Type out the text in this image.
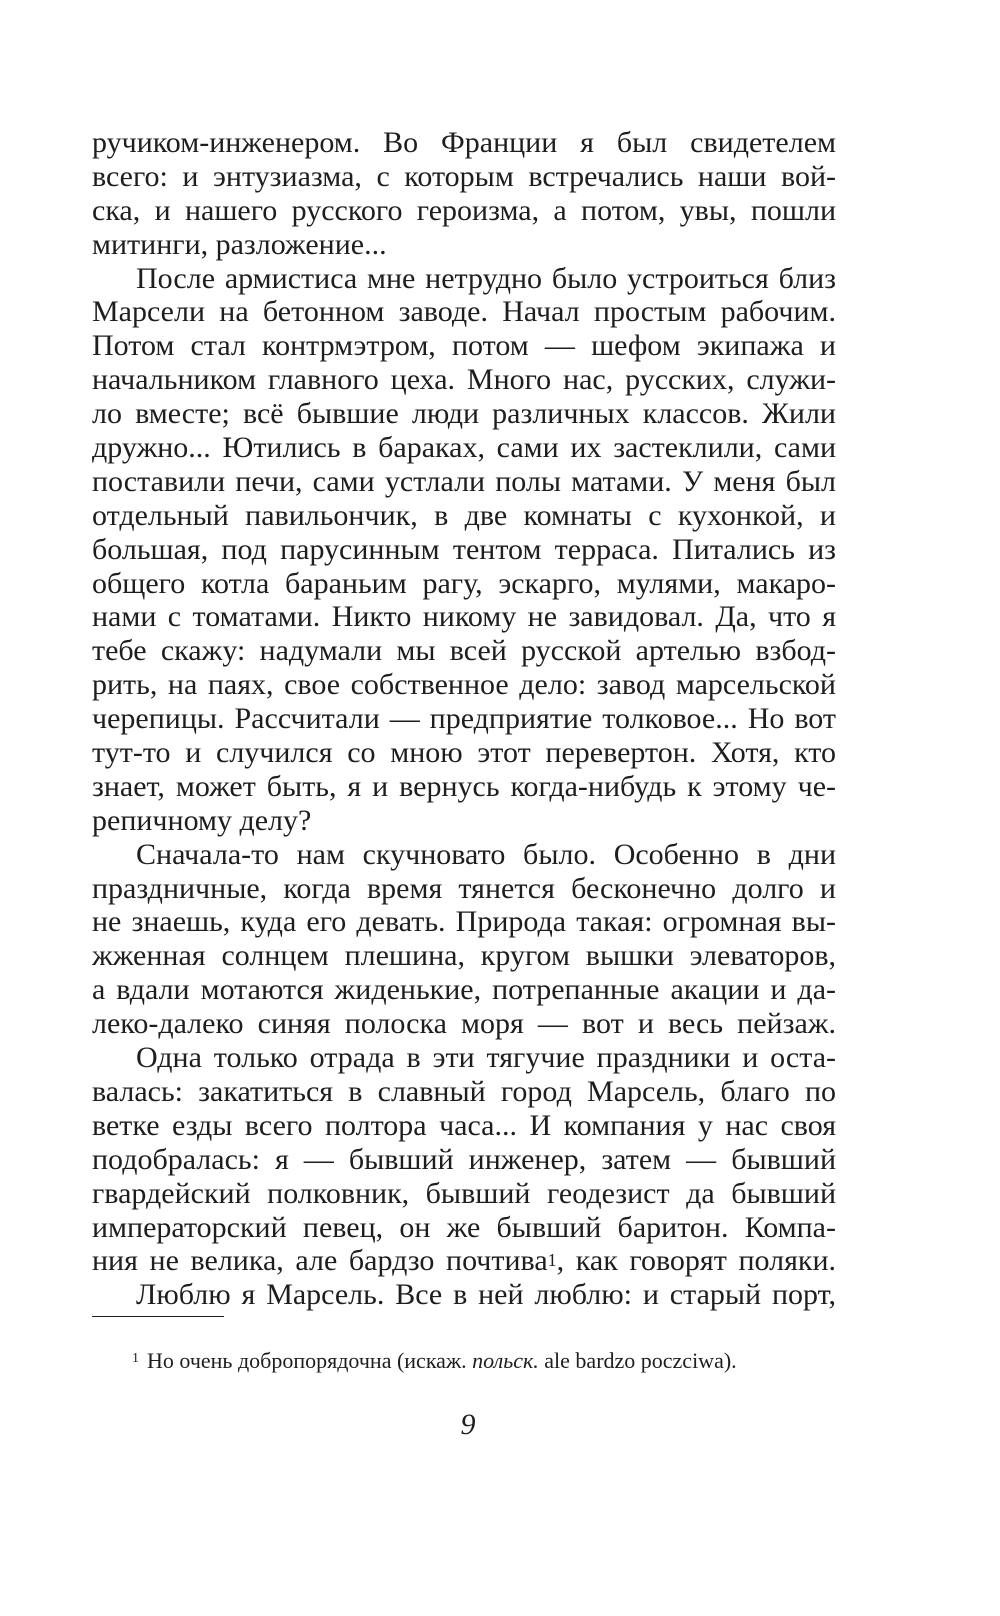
ручиком-инженером. Во Франции я был свидетелем
всего: и энтузиазма, с которым встречались наши вой-
ска, и нашего русского героизма, а потом, увы, пошли
митинги, разложение...
После армистиса мне нетрудно было устроиться близ
Марсели на бетонном заводе. Начал простым рабочим.
Потом стал контрмэтром, потом — шефом экипажа и
начальником главного цеха. Много нас, русских, служи-
ло вместе; всё бывшие люди различных классов. Жили
дружно... Ютились в бараках, сами их застеклили, сами
поставили печи, сами устлали полы матами. У меня был
отдельный павильончик, в две комнаты с кухонкой, и
большая, под парусинным тентом терраса. Питались из
общего котла бараньим рагу, эскарго, мулями, макаро-
нами с томатами. Никто никому не завидовал. Да, что я
тебе скажу: надумали мы всей русской артелью взбод-
рить, на паях, свое собственное дело: завод марсельской
черепицы. Рассчитали — предприятие толковое... Но вот
тут-то и случился со мною этот перевертон. Хотя, кто
знает, может быть, я и вернусь когда-нибудь к этому че-
репичному делу?
Сначала-то нам скучновато было. Особенно в дни
праздничные, когда время тянется бесконечно долго и
не знаешь, куда его девать. Природа такая: огромная вы-
жженная солнцем плешина, кругом вышки элеваторов,
а вдали мотаются жиденькие, потрепанные акации и да-
леко-далеко синяя полоска моря — вот и весь пейзаж.
Одна только отрада в эти тягучие праздники и оста-
валась: закатиться в славный город Марсель, благо по
ветке езды всего полтора часа... И компания у нас своя
подобралась: я — бывший инженер, затем — бывший
гвардейский полковник, бывший геодезист да бывший
императорский певец, он же бывший баритон. Компа-
ния не велика, але бардзо почтива$^1$, как говорят поляки.
Люблю я Марсель. Все в ней люблю: и старый порт,
$^1$ Но очень добропорядочна (искаж. польск. ale bardzo poczciwa).
9
